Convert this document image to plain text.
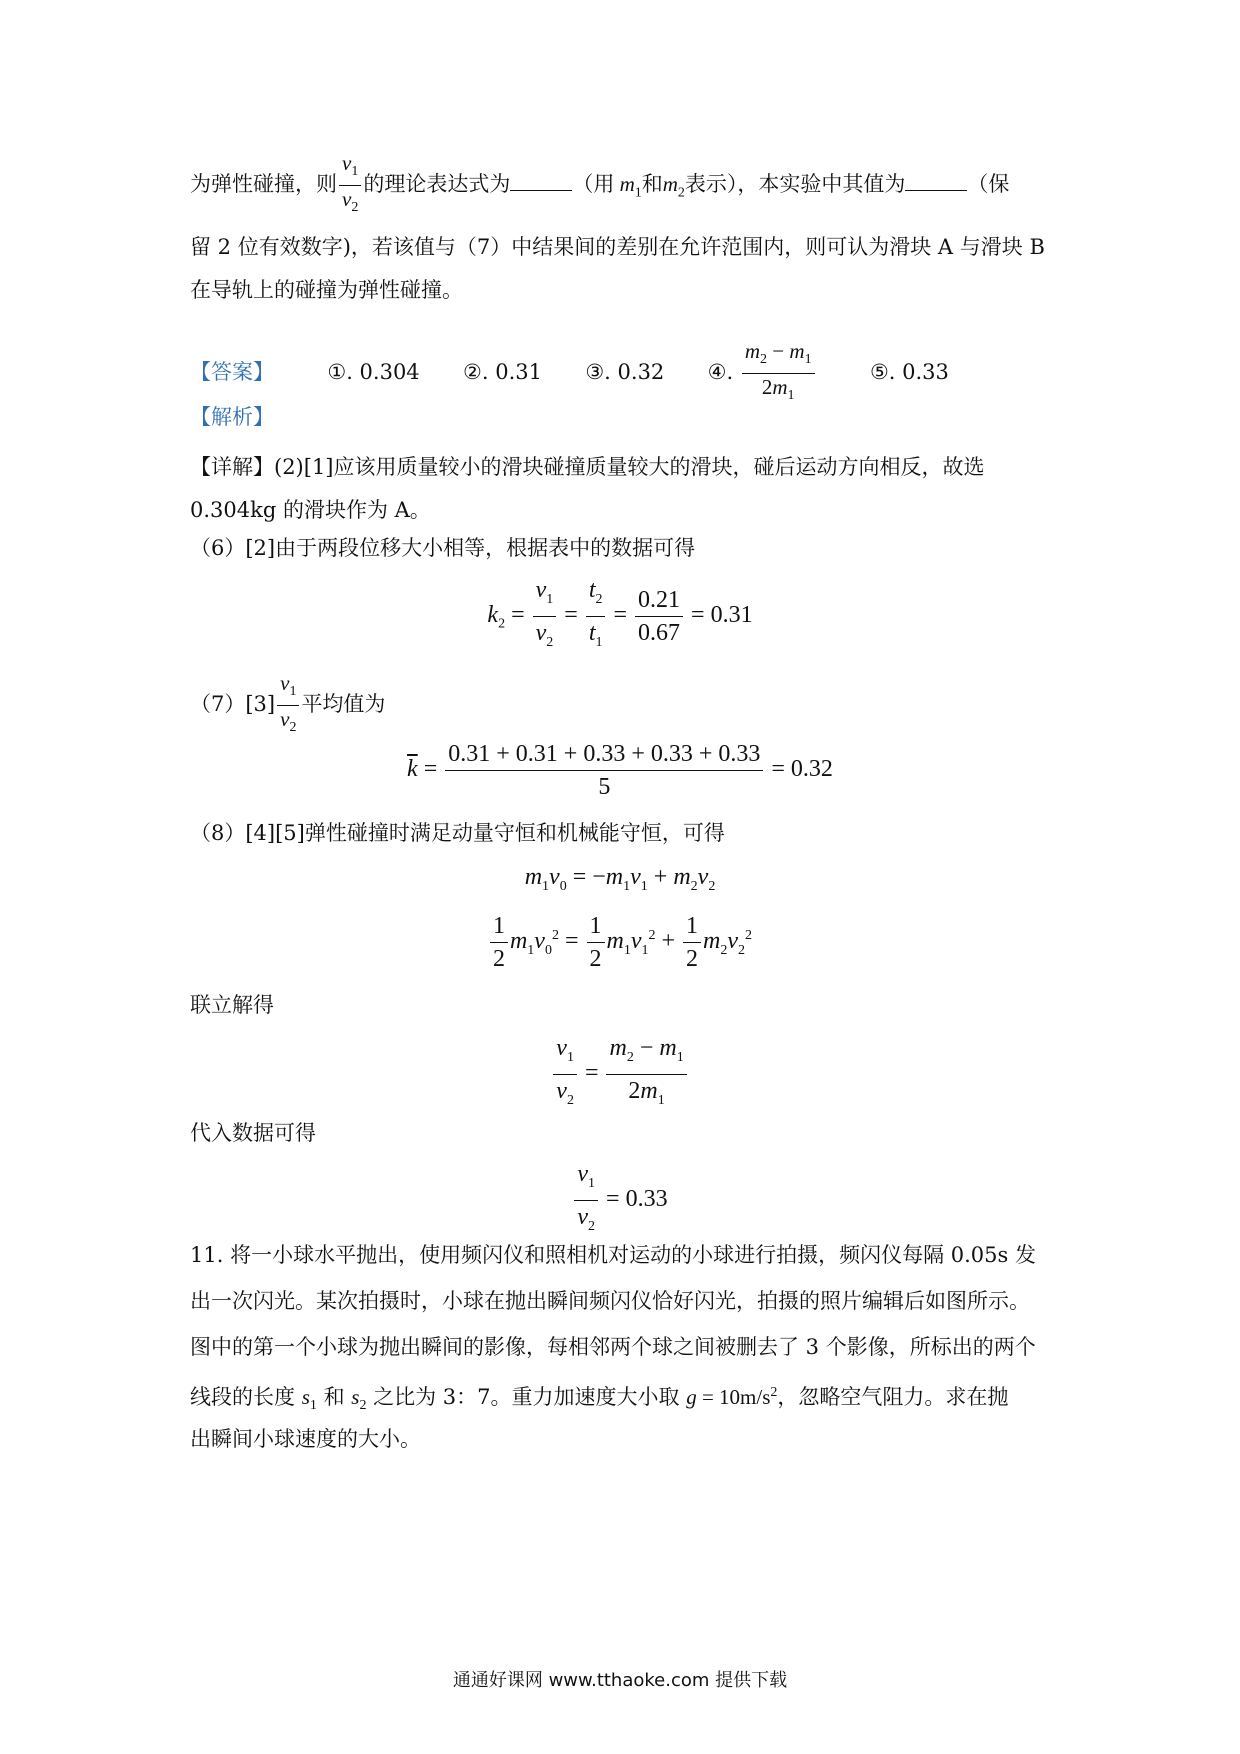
为弹性碰撞，则 $\frac{v_1}{v_2}$ 的理论表达式为	（用 $m_1$和$m_2$表示），本实验中其值为	（保
留 2 位有效数字)，若该值与（7）中结果间的差别在允许范围内，则可认为滑块 A 与滑块 B
在导轨上的碰撞为弹性碰撞。
【答案】	①. 0.304 ②. 0.31 ③. 0.32 ④. $\frac{m_2 - m_1}{2m_1}$	⑤. 0.33
【解析】
【详解】(2)[1]应该用质量较小的滑块碰撞质量较大的滑块，碰后运动方向相反，故选 0.304kg 的滑块作为 A。
（6）[2]由于两段位移大小相等，根据表中的数据可得
$k_2 = \frac{v_1}{v_2} = \frac{t_2}{t_1} = \frac{0.21}{0.67} = 0.31$
$(7)[3] \frac{v_1}{v_2}$ 平均值为
$\overline{k} = \frac{0.31 + 0.31 + 0.33 + 0.33 + 0.33}{5} = 0.32$
（8）[4][5]弹性碰撞时满足动量守恒和机械能守恒，可得
$m_1v_0 = -m_1v_1 + m_2v_2$
$\frac{1}{2} m_1v_0^2 = \frac{1}{2} m_1v_1^2 + \frac{1}{2} m_2v_2^2$
联立解得
$\frac{v_1}{v_2} = \frac{m_2 - m_1}{2m_1}$
代入数据可得
$\frac{v_1}{v_2} = 0.33$
11. 将一小球水平抛出，使用频闪仪和照相机对运动的小球进行拍摄，频闪仪每隔 0.05s 发
出一次闪光。某次拍摄时，小球在抛出瞬间频闪仪恰好闪光，拍摄的照片编辑后如图所示。
图中的第一个小球为抛出瞬间的影像，每相邻两个球之间被删去了 3 个影像，所标出的两个
线段的长度 $s_1$ 和 $s_2$ 之比为 3：7。重力加速度大小取 $g = 10m/s^2$，忽略空气阻力。求在抛
出瞬间小球速度的大小。
通通好课网 www.tthaoke.com 提供下载
